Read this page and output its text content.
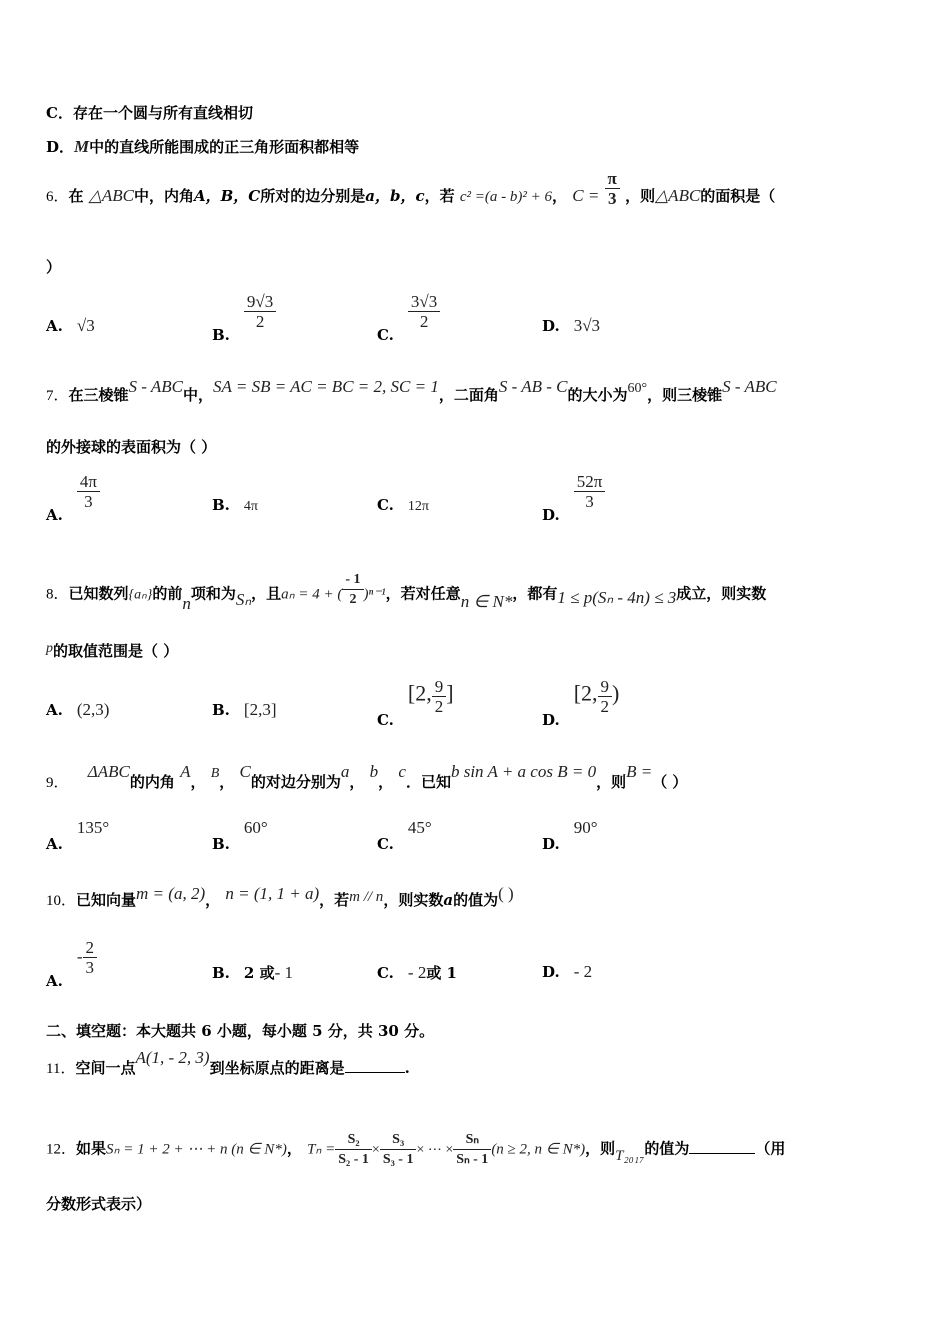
C．存在一个圆与所有直线相切
D．M中的直线所能围成的正三角形面积都相等
6．在 △ABC中，内角A，B，C所对的边分别是a，b，c，若 c² =(a - b)² + 6， $C = \frac{\pi}{3}$ ，则△ABC的面积是（
）
A. √3	B.
$\frac{9√3}{2}$
C.
$\frac{3√3}{2}$	D. 3√3
7．在三棱锥S - ABC中，SA = SB = AC = BC = 2, SC = 1，二面角S - AB - C的大小为60°，则三棱锥S - ABC
的外接球的表面积为（ ）
A.
$\frac{4\pi}{3}$	B. 4π	C. 12π	D.
$\frac{52\pi}{3}$
8．已知数列{aₙ}的前n项和为Sₙ，且aₙ = 4 + ( $\frac{- 1}{2} )^{n-1}$，若对任意n ∈ N*，都有1 ≤ p(Sₙ - 4n) ≤ 3成立，则实数
p的取值范围是（ ）
A. (2,3)	B. [2,3]
C.[2, $\frac{9}{2}$ ]
D.[2, $\frac{9}{2}$ )
9． ΔABC的内角 A， B， C的对边分别为a， b， c．已知b sin A + a cos B = 0，则B =（ ）
A.135°
B.60°
C.45°
D.90°
10．已知向量m = (a, 2)， n = (1, 1 + a)，若m // n，则实数a的值为( )
$A.- \frac{2}{3}$	B. 2 或- 1	C. - 2或 1	D. - 2
二、填空题：本大题共 6 小题，每小题 5 分，共 30 分。
11．空间一点A(1, - 2, 3)到坐标原点的距离是	.
12．如果Sₙ = 1 + 2 + ⋯ + n (n ∈ N*)， $T_n = \frac{\text{S₂}}{\text{S₂ - 1}} \times \frac{\text{S₃}}{\text{S₃ - 1}}$ × ⋯ × $\frac{\text{Sₙ}}{\text{Sₙ - 1}} (n \ge 2$, n ∈ N*)，则T₂₀₁₇的值为	（用
分数形式表示）
